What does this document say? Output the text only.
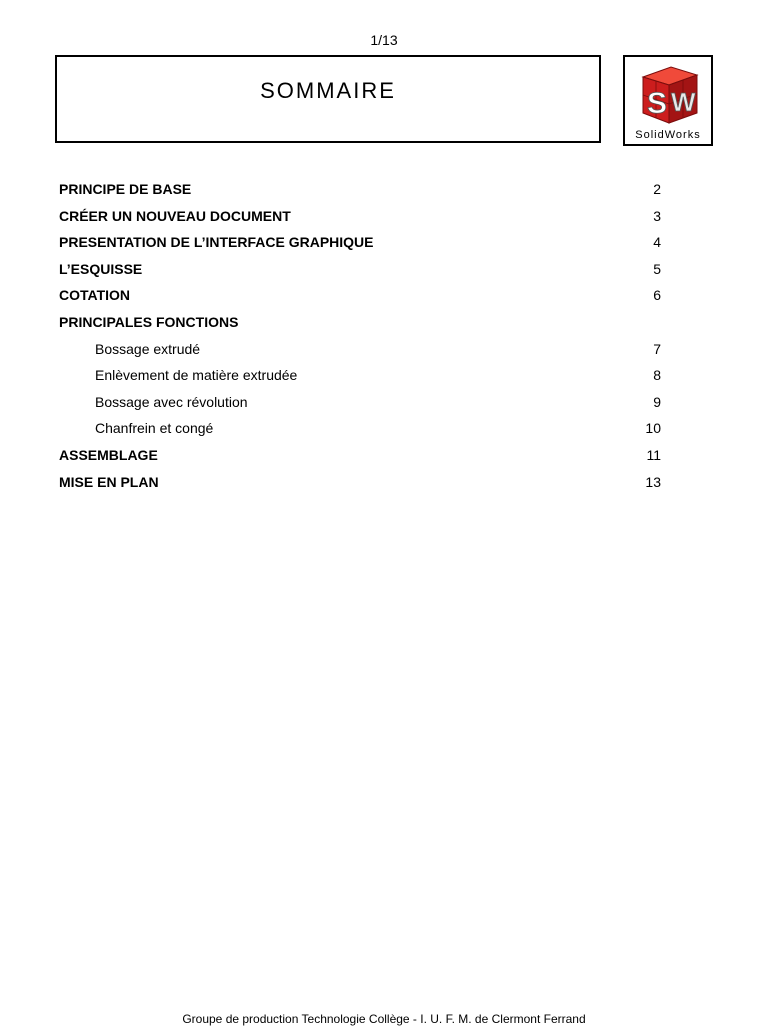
1/13
SOMMAIRE	S W
SolidWorks
PRINCIPE DE BASE	2
CRÉER UN NOUVEAU DOCUMENT	3
PRESENTATION DE L’INTERFACE GRAPHIQUE	4
L’ESQUISSE	5
COTATION	6
PRINCIPALES FONCTIONS
Bossage extrudé	7
Enlèvement de matière extrudée	8
Bossage avec révolution	9
Chanfrein et congé	10
ASSEMBLAGE	11
MISE EN PLAN	13
Groupe de production Technologie Collège - I. U. F. M. de Clermont Ferrand
